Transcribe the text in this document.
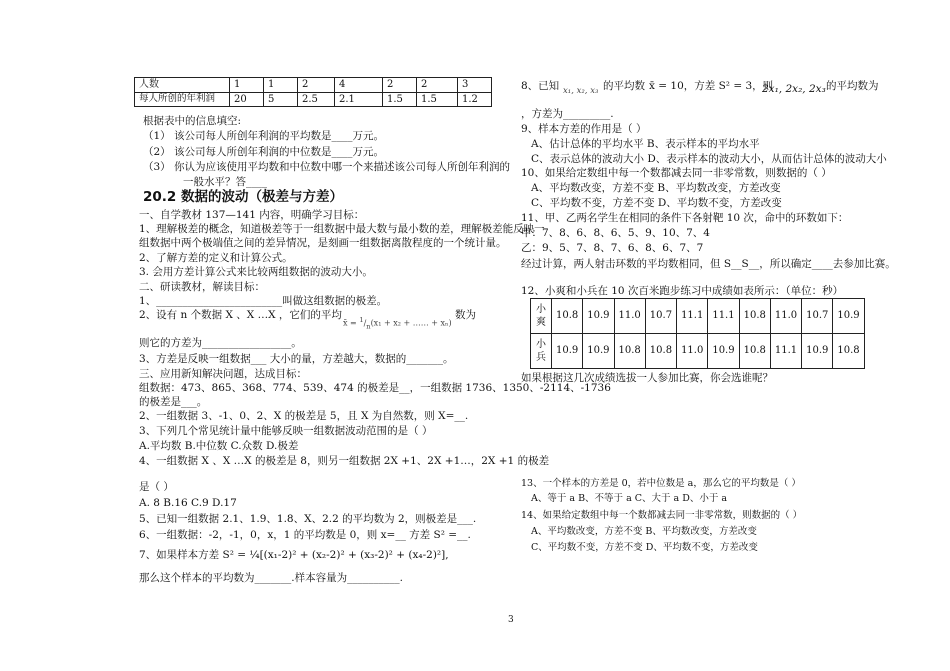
人数	1	1	2	4	2	2	3
每人所创的年利润	20	5	2.5	2.1	1.5	1.5	1.2
根据表中的信息填空:
（1） 该公司每人所创年利润的平均数是____万元。
（2） 该公司每人所创年利润的中位数是____万元。
（3） 你认为应该使用平均数和中位数中哪一个来描述该公司每人所创年利润的
一般水平？答____
20.2 数据的波动（极差与方差）
一、自学教材 137—141 内容，明确学习目标：
1、理解极差的概念，知道极差等于一组数据中最大数与最小数的差，理解极差能反映一
组数据中两个极端值之间的差异情况，是刻画一组数据离散程度的一个统计量。
2、了解方差的定义和计算公式。
3. 会用方差计算公式来比较两组数据的波动大小。
二、研读教材，解读目标：
1、________________________叫做这组数据的极差。
2、设有 n 个数据 X 、X …X ，它们的平均
x̄ = $^1/_n(x_1 + x_2$ + …… + xₙ)
数为
则它的方差为_________________。
3、方差是反映一组数据___ 大小的量，方差越大，数据的_______。
三、应用新知解决问题，达成目标：
组数据：473、865、368、774、539、474 的极差是__，一组数据 1736、1350、-2114、-1736
的极差是___。
2、一组数据 3、-1、0、2、X 的极差是 5，且 X 为自然数，则 X=__.
3、下列几个常见统计量中能够反映一组数据波动范围的是（ ）
A.平均数 B.中位数 C.众数 D.极差
4、一组数据 X 、X …X 的极差是 8，则另一组数据 2X +1、2X +1…，2X +1 的极差
是（ ）
A. 8 B.16 C.9 D.17
5、已知一组数据 2.1、1.9、1.8、X、2.2 的平均数为 2，则极差是___.
6、一组数据：-2，-1，0，x，1 的平均数是 0，则 x=__ 方差 S² =__.
7、如果样本方差 S² = ¼[(x₁-2)² + (x₂-2)² + (x₃-2)² + (x₄-2)²],
那么这个样本的平均数为_______.样本容量为__________.
8、已知 x₁, x₂, x₃ 的平均数 x̄ = 10，方差 S² = 3，则
2x₁, 2x₂, 2x₃ 的平均数为
，方差为_________.
9、样本方差的作用是（ ）
A、估计总体的平均水平 B、表示样本的平均水平
C、表示总体的波动大小 D、表示样本的波动大小，从而估计总体的波动大小
10、如果给定数组中每一个数都减去同一非零常数，则数据的（ ）
A、平均数改变，方差不变 B、平均数改变，方差改变
C、平均数不变，方差不变 D、平均数不变，方差改变
11、甲、乙两名学生在相同的条件下各射靶 10 次，命中的环数如下：
甲：7、8、6、8、6、5、9、10、7、4
乙：9、5、7、8、7、6、8、6、7、7
经过计算，两人射击环数的平均数相同，但 S__S__，所以确定____去参加比赛。
12、小爽和小兵在 10 次百米跑步练习中成绩如表所示：（单位：秒）
小爽	10.8	10.9	11.0	10.7	11.1	11.1	10.8	11.0	10.7	10.9
小兵	10.9	10.9	10.8	10.8	11.0	10.9	10.8	11.1	10.9	10.8
如果根据这几次成绩选拔一人参加比赛，你会选谁呢？
13、一个样本的方差是 0，若中位数是 a，那么它的平均数是（ ）
A、等于 a B、不等于 a C、大于 a D、小于 a
14、如果给定数组中每一个数都减去同一非零常数，则数据的（ ）
A、平均数改变，方差不变 B、平均数改变，方差改变
C、平均数不变，方差不变 D、平均数不变，方差改变
3
